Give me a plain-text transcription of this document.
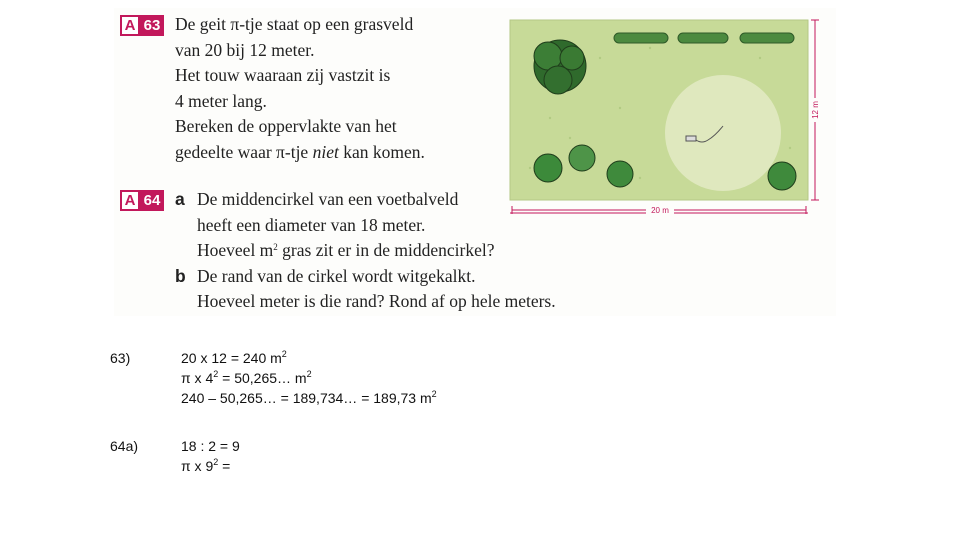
A 63 De geit π-tje staat op een grasveld
van 20 bij 12 meter.
Het touw waaraan zij vastzit is
4 meter lang.
Bereken de oppervlakte van het
gedeelte waar π-tje niet kan komen.
20 m
12 m
A 64 a De middencirkel van een voetbalveld
heeft een diameter van 18 meter.
Hoeveel $m^2$ gras zit er in de middencirkel?
b De rand van de cirkel wordt witgekalkt.
Hoeveel meter is die rand? Rond af op hele meters.
63)	20 x 12 = 240 $m^2$
π x $4^2$ = 50,265… $m^2$
240 – 50,265… = 189,734… = 189,73 $m^2$
64a)	18 : 2 = 9
π x $9^2$ =
